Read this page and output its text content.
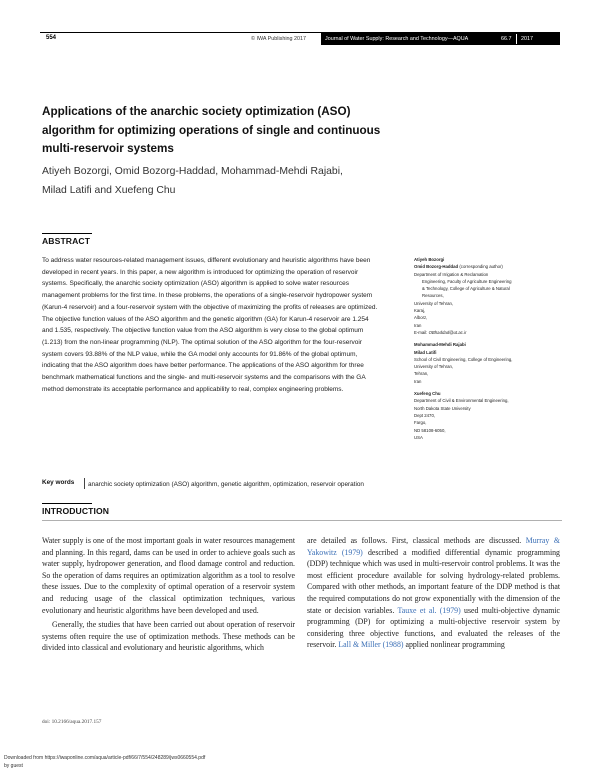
554	© IWA Publishing 2017	Journal of Water Supply: Research and Technology—AQUA	66.7 2017
Applications of the anarchic society optimization (ASO) algorithm for optimizing operations of single and continuous multi-reservoir systems
Atiyeh Bozorgi, Omid Bozorg-Haddad, Mohammad-Mehdi Rajabi,
Milad Latifi and Xuefeng Chu
ABSTRACT
To address water resources-related management issues, different evolutionary and heuristic algorithms have been developed in recent years. In this paper, a new algorithm is introduced for optimizing the operation of reservoir systems. Specifically, the anarchic society optimization (ASO) algorithm is applied to solve water resources management problems for the first time. In these problems, the operations of a single-reservoir hydropower system (Karun-4 reservoir) and a four-reservoir system with the objective of maximizing the profits of releases are optimized. The objective function values of the ASO algorithm and the genetic algorithm (GA) for Karun-4 reservoir are 1.254 and 1.535, respectively. The objective function value from the ASO algorithm is very close to the global optimum (1.213) from the non-linear programming (NLP). The optimal solution of the ASO algorithm for the four-reservoir system covers 93.88% of the NLP value, while the GA model only accounts for 91.86% of the global optimum, indicating that the ASO algorithm does have better performance. The applications of the ASO algorithm for three benchmark mathematical functions and the single- and multi-reservoir systems and the comparisons with the GA method demonstrate its acceptable performance and applicability to real, complex engineering problems.
Key words anarchic society optimization (ASO) algorithm, genetic algorithm, optimization, reservoir operation
Atiyeh Bozorgi
Omid Bozorg-Haddad (corresponding author)
Department of Irrigation & Reclamation
Engineering, Faculty of Agriculture Engineering
& Technology, College of Agriculture & Natural
Resources,
University of Tehran,
Karaj,
Alborz,
Iran
E-mail: OBhaddad@ut.ac.ir
Mohammad-Mehdi Rajabi
Milad Latifi
School of Civil Engineering, College of Engineering,
University of Tehran,
Tehran,
Iran
Xuefeng Chu
Department of Civil & Environmental Engineering,
North Dakota State University
Dept 2470,
Fargo,
ND 58108-6050,
USA
INTRODUCTION
Water supply is one of the most important goals in water resources management and planning. In this regard, dams can be used in order to achieve goals such as water supply, hydropower generation, and flood damage control and reduction. So the operation of dams requires an optimization algorithm as a tool to resolve these issues. Due to the complexity of optimal operation of a reservoir system and reducing usage of the classical optimization techniques, various evolutionary and heuristic algorithms have been developed and used.
Generally, the studies that have been carried out about operation of reservoir systems often require the use of optimization methods. These methods can be divided into classical and evolutionary and heuristic algorithms, which
are detailed as follows. First, classical methods are discussed. Murray & Yakowitz (1979) described a modified differential dynamic programming (DDP) technique which was used in multi-reservoir control problems. It was the most efficient procedure available for solving hydrology-related problems. Compared with other methods, an important feature of the DDP method is that the required computations do not grow exponentially with the dimension of the state or decision variables. Tauxe et al. (1979) used multi-objective dynamic programming (DP) for optimizing a multi-objective reservoir system by considering three objective functions, and evaluated the releases of the reservoir. Lall & Miller (1988) applied nonlinear programming
doi: 10.2166/aqua.2017.157
Downloaded from https://iwaponline.com/aqua/article-pdf/66/7/554/248289/jws0660554.pdf
by guest
